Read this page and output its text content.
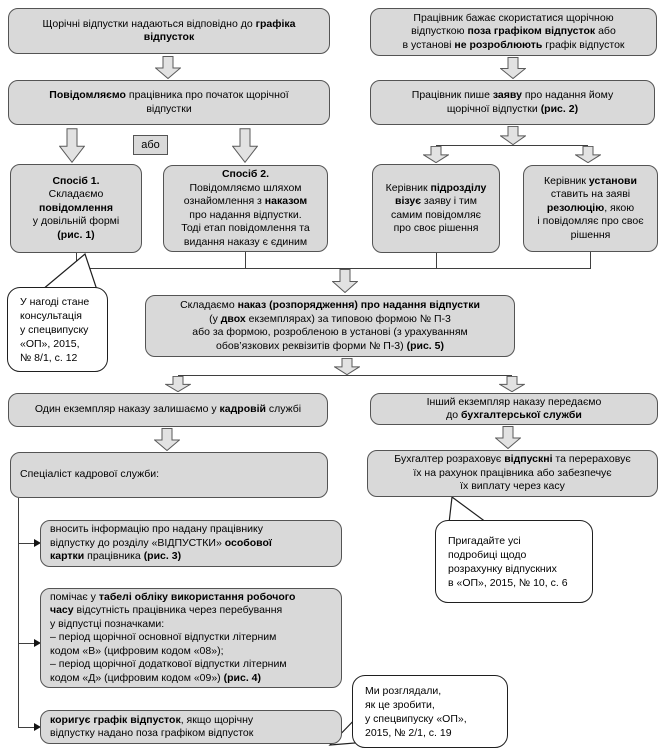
Щорічні відпустки надаються відповідно до графіка
відпусток
Працівник бажає скористатися щорічною
відпусткою поза графіком відпусток або
в установі не розроблюють графік відпусток
Повідомляємо працівника про початок щорічної
відпустки
Працівник пише заяву про надання йому
щорічної відпустки (рис. 2)
або
Спосіб 1.
Складаємо
повідомлення
у довільній формі
(рис. 1)
Спосіб 2.
Повідомляємо шляхом
ознайомлення з наказом
про надання відпустки.
Тоді етап повідомлення та
видання наказу є єдиним
Керівник підрозділу
візує заяву і тим
самим повідомляє
про своє рішення
Керівник установи
ставить на заяві
резолюцію, якою
і повідомляє про своє
рішення
У нагоді стане
консультація
у спецвипуску
«ОП», 2015,
№ 8/1, с. 12
Складаємо наказ (розпорядження) про надання відпустки
(у двох екземплярах) за типовою формою № П-3
або за формою, розробленою в установі (з урахуванням
обов’язкових реквізитів форми № П-3) (рис. 5)
Один екземпляр наказу залишаємо у кадровій службі
Інший екземпляр наказу передаємо
до бухгалтерської служби
Спеціаліст кадрової служби:
Бухгалтер розраховує відпускні та перераховує
їх на рахунок працівника або забезпечує
їх виплату через касу
вносить інформацію про надану працівнику
відпустку до розділу «ВІДПУСТКИ» особової
картки працівника (рис. 3)
помічає у табелі обліку використання робочого
часу відсутність працівника через перебування
у відпустці позначками:
– період щорічної основної відпустки літерним
кодом «В» (цифровим кодом «08»);
– період щорічної додаткової відпустки літерним
кодом «Д» (цифровим кодом «09») (рис. 4)
коригує графік відпусток, якщо щорічну
відпустку надано поза графіком відпусток
Пригадайте усі
подробиці щодо
розрахунку відпускних
в «ОП», 2015, № 10, с. 6
Ми розглядали,
як це зробити,
у спецвипуску «ОП»,
2015, № 2/1, с. 19
